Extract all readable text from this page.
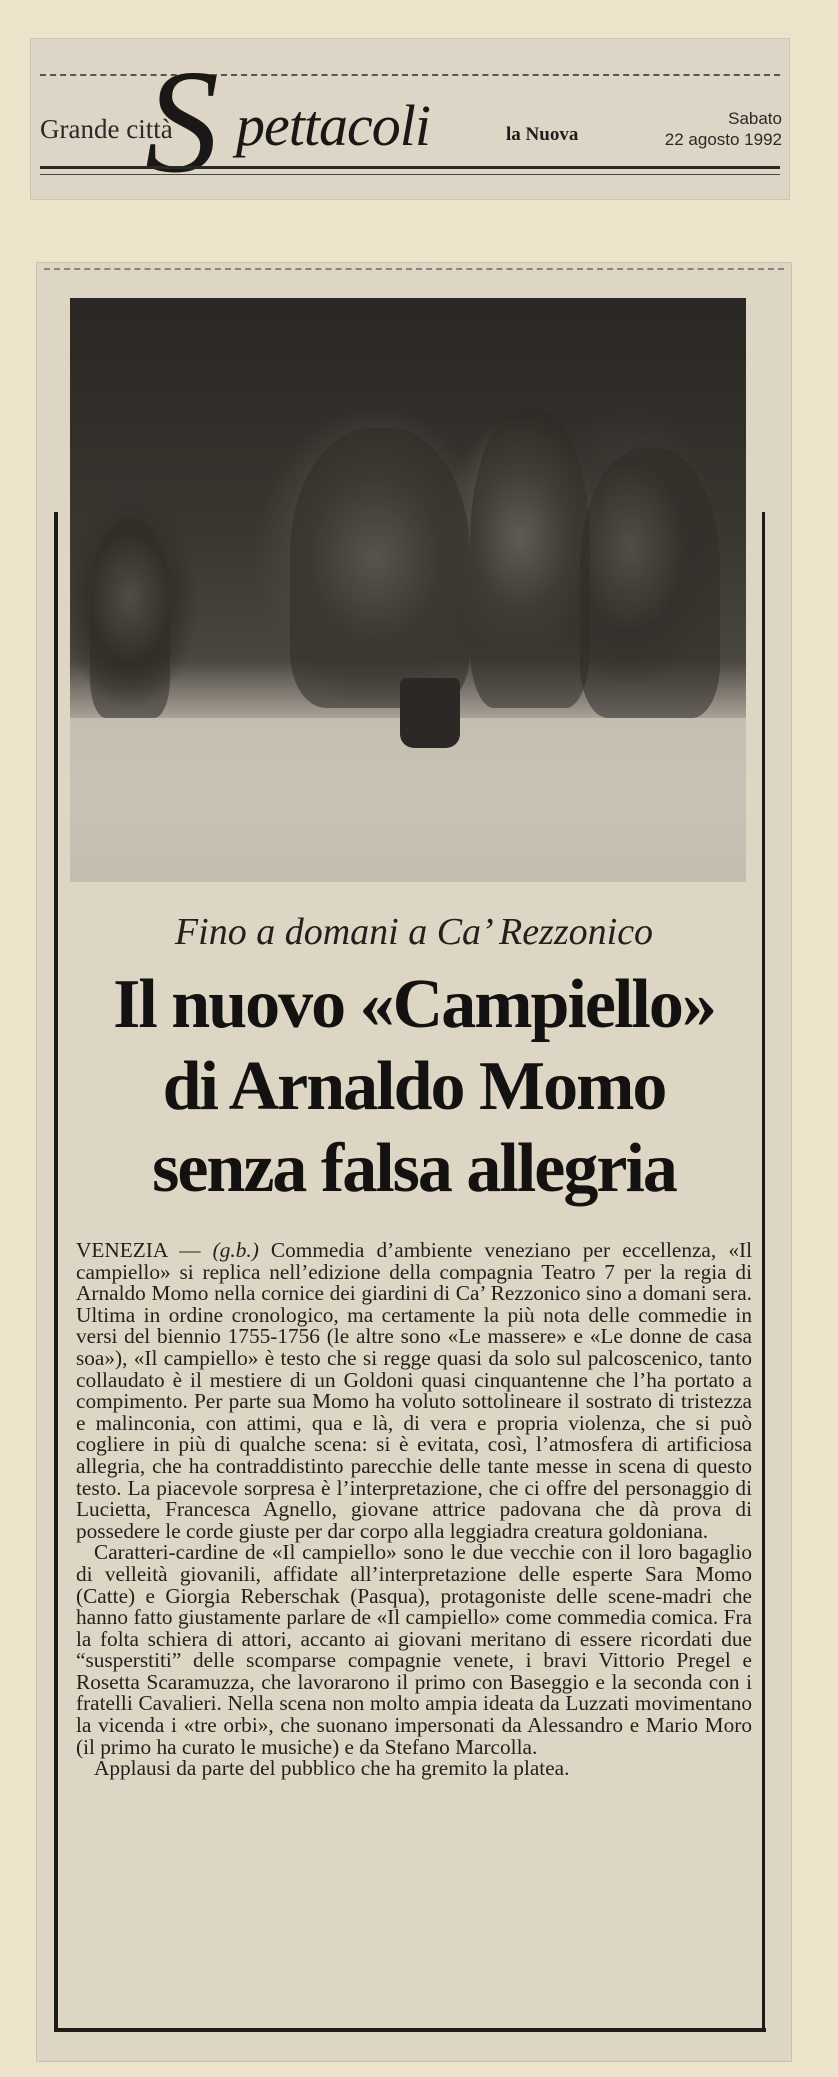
Grande città
S pettacoli	la Nuova
Sabato
22 agosto 1992
Fino a domani a Ca’ Rezzonico
Il nuovo «Campiello»
di Arnaldo Momo
senza falsa allegria

VENEZIA — (g.b.) Commedia d’ambiente veneziano per eccellenza, «Il campiello» si replica nell’edizione della compagnia Teatro 7 per la regia di Arnaldo Momo nella cornice dei giardini di Ca’ Rezzonico sino a domani sera. Ultima in ordine cronologico, ma certamente la più nota delle commedie in versi del biennio 1755-1756 (le altre sono «Le massere» e «Le donne de casa soa»), «Il campiello» è testo che si regge quasi da solo sul palcoscenico, tanto collaudato è il mestiere di un Goldoni quasi cinquantenne che l’ha portato a compimento. Per parte sua Momo ha voluto sottolineare il sostrato di tristezza e malinconia, con attimi, qua e là, di vera e propria violenza, che si può cogliere in più di qualche scena: si è evitata, così, l’atmosfera di artificiosa allegria, che ha contraddistinto parecchie delle tante messe in scena di questo testo. La piacevole sorpresa è l’interpretazione, che ci offre del personaggio di Lucietta, Francesca Agnello, giovane attrice padovana che dà prova di possedere le corde giuste per dar corpo alla leggiadra creatura goldoniana.

Caratteri-cardine de «Il campiello» sono le due vecchie con il loro bagaglio di velleità giovanili, affidate all’interpretazione delle esperte Sara Momo (Catte) e Giorgia Reberschak (Pasqua), protagoniste delle scene-madri che hanno fatto giustamente parlare de «Il campiello» come commedia comica. Fra la folta schiera di attori, accanto ai giovani meritano di essere ricordati due “susperstiti” delle scomparse compagnie venete, i bravi Vittorio Pregel e Rosetta Scaramuzza, che lavorarono il primo con Baseggio e la seconda con i fratelli Cavalieri. Nella scena non molto ampia ideata da Luzzati movimentano la vicenda i «tre orbi», che suonano impersonati da Alessandro e Mario Moro (il primo ha curato le musiche) e da Stefano Marcolla.

Applausi da parte del pubblico che ha gremito la platea.
